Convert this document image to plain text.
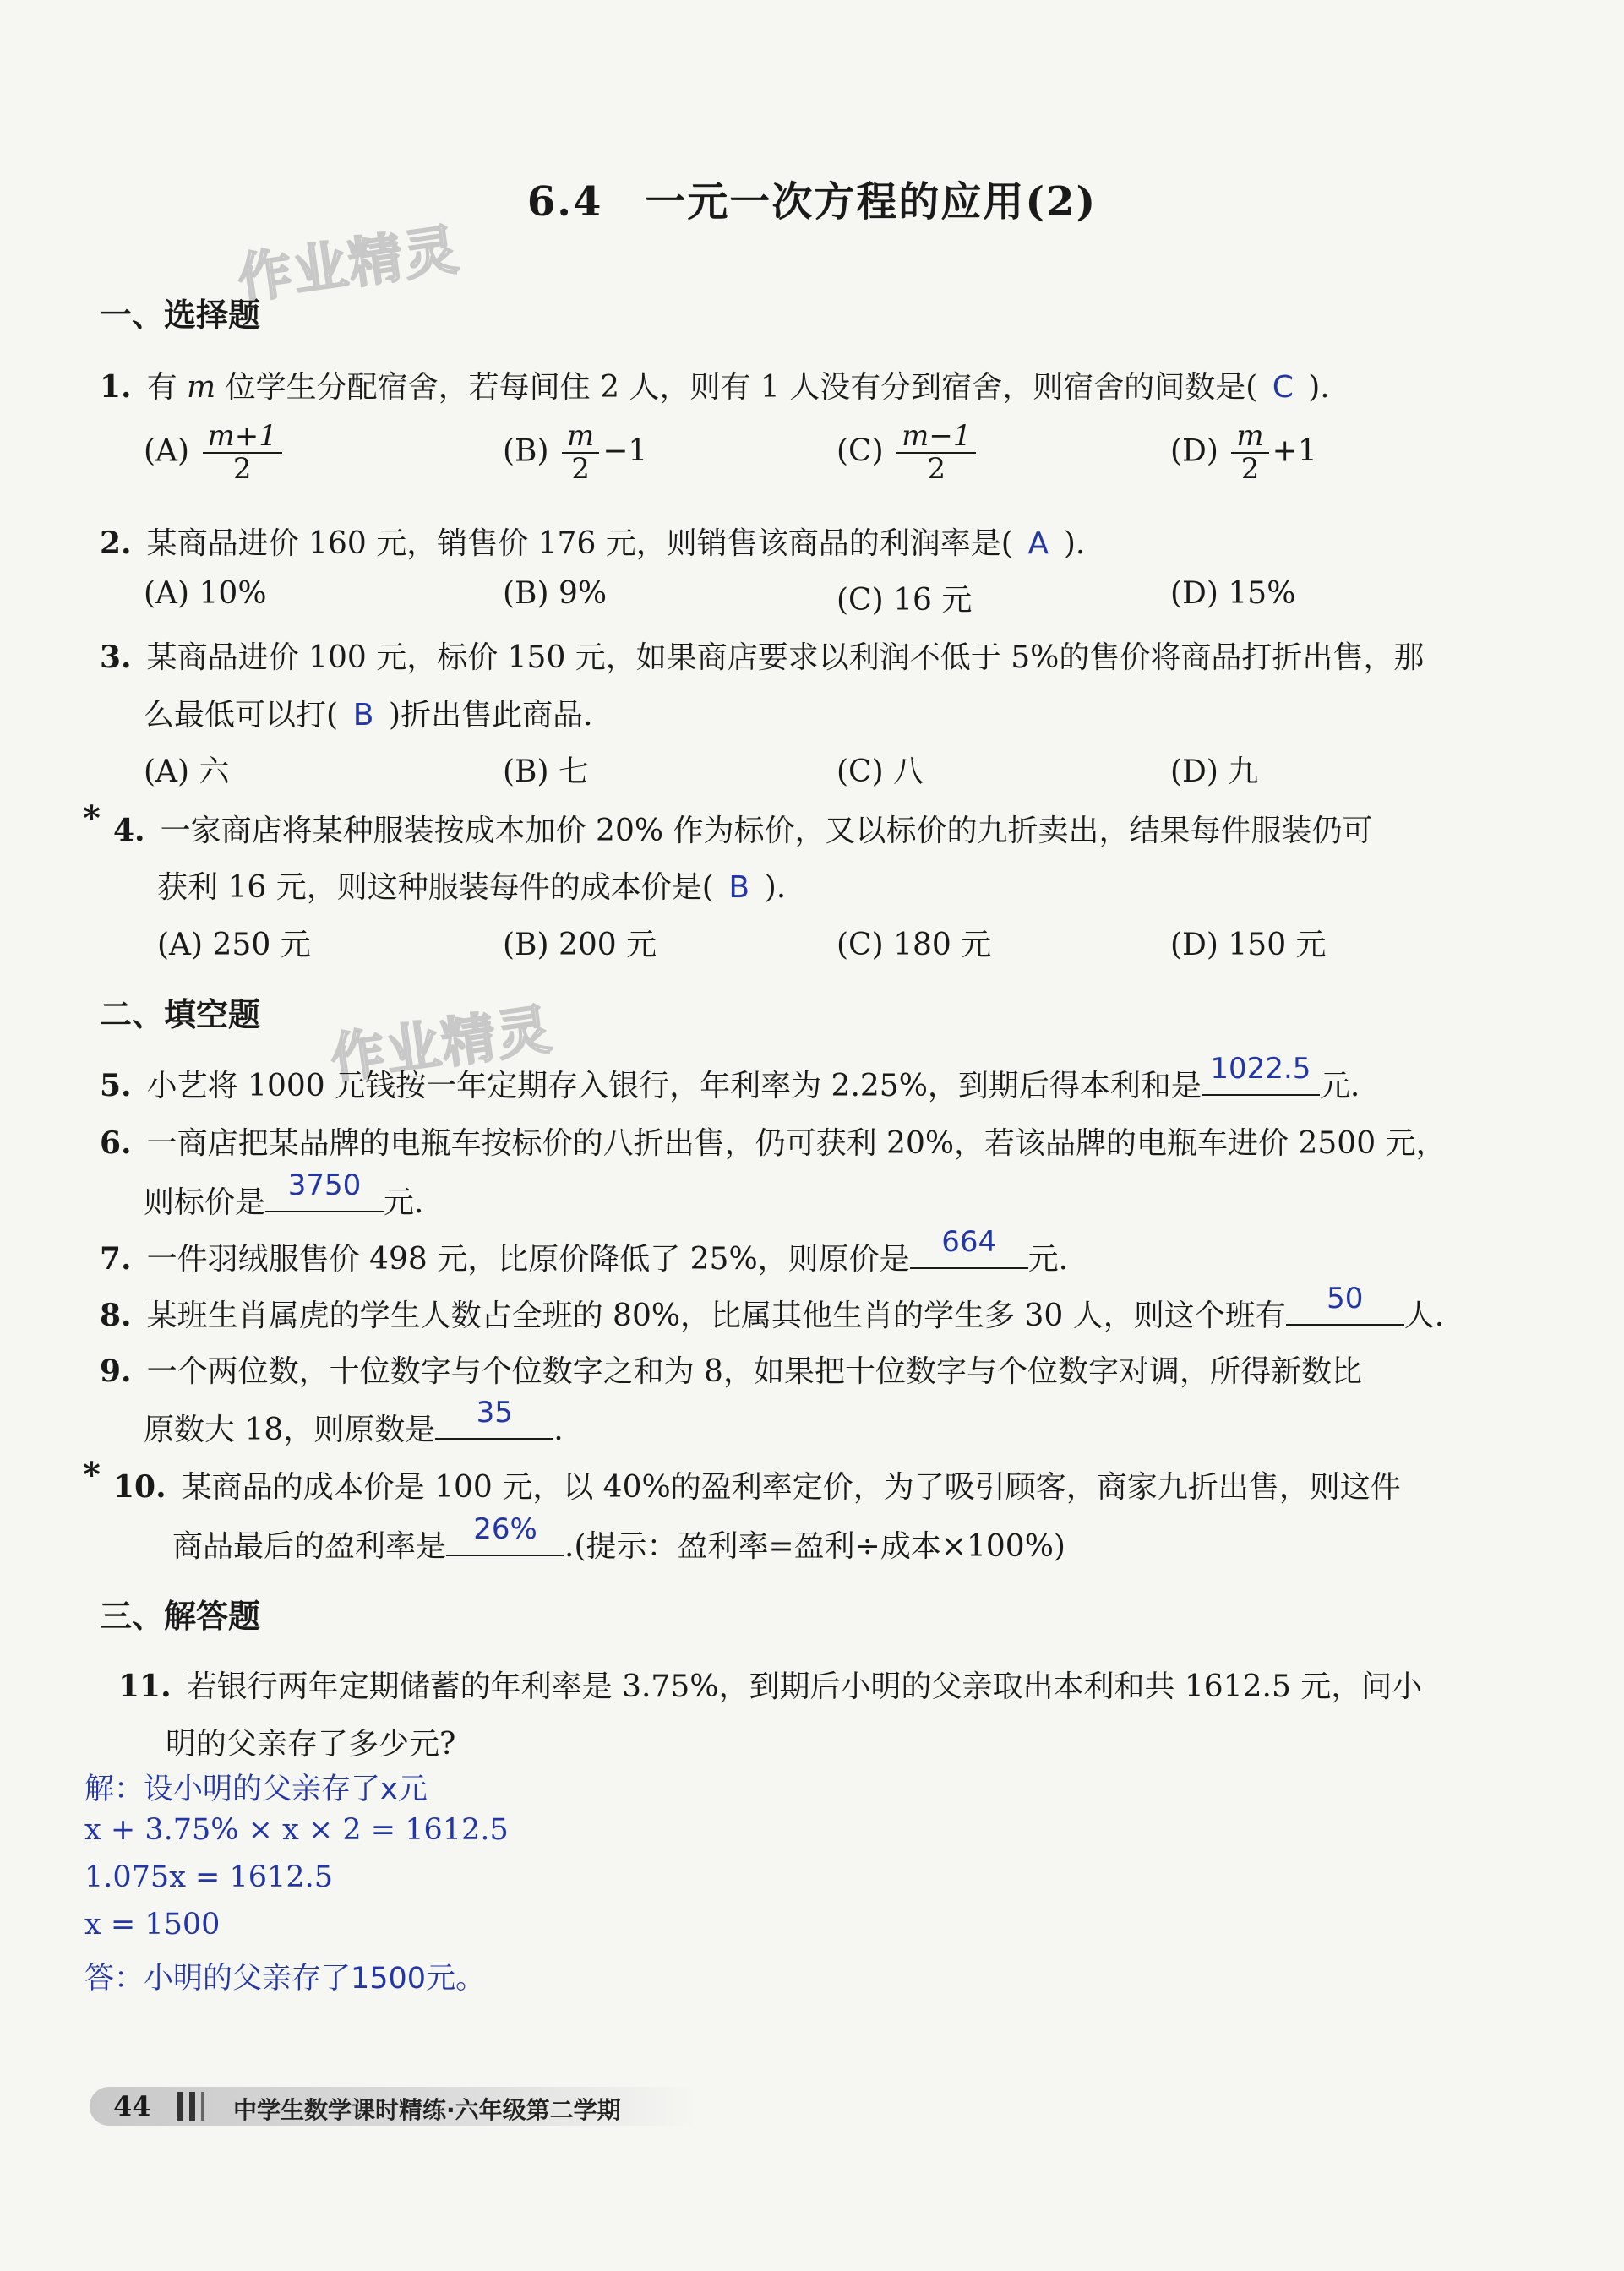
6.4　一元一次方程的应用(2)
作业精灵
作业精灵
一、选择题
1. 有 m 位学生分配宿舍，若每间住 2 人，则有 1 人没有分到宿舍，则宿舍的间数是( C ).
$(A) \frac{m+1}{2}$	$(B) \frac{m}{2} -1$	$(C) \frac{m-1}{2}$	$(D) \frac{m}{2} +1$
2. 某商品进价 160 元，销售价 176 元，则销售该商品的利润率是( A ).
(A) 10%	(B) 9%	(C) 16 元	(D) 15%
3. 某商品进价 100 元，标价 150 元，如果商店要求以利润不低于 5%的售价将商品打折出售，那
么最低可以打( B )折出售此商品.
(A) 六	(B) 七	(C) 八	(D) 九
* 4. 一家商店将某种服装按成本加价 20% 作为标价，又以标价的九折卖出，结果每件服装仍可
获利 16 元，则这种服装每件的成本价是( B ).
(A) 250 元	(B) 200 元	(C) 180 元	(D) 150 元
二、填空题
5. 小艺将 1000 元钱按一年定期存入银行，年利率为 2.25%，到期后得本利和是 1022.5 元.
6. 一商店把某品牌的电瓶车按标价的八折出售，仍可获利 20%，若该品牌的电瓶车进价 2500 元，
则标价是 3750 元.
7. 一件羽绒服售价 498 元，比原价降低了 25%，则原价是	664	元.
8. 某班生肖属虎的学生人数占全班的 80%，比属其他生肖的学生多 30 人，则这个班有	50	人.
9. 一个两位数，十位数字与个位数字之和为 8，如果把十位数字与个位数字对调，所得新数比
原数大 18，则原数是	35	.
* 10. 某商品的成本价是 100 元，以 40%的盈利率定价，为了吸引顾客，商家九折出售，则这件
商品最后的盈利率是 26% .(提示：盈利率=盈利÷成本×100%)
三、解答题
11. 若银行两年定期储蓄的年利率是 3.75%，到期后小明的父亲取出本利和共 1612.5 元，问小
明的父亲存了多少元?
解：设小明的父亲存了x元
x + 3.75% × x × 2 = 1612.5
1.075x = 1612.5
x = 1500
答：小明的父亲存了1500元。
44	中学生数学课时精练·六年级第二学期
